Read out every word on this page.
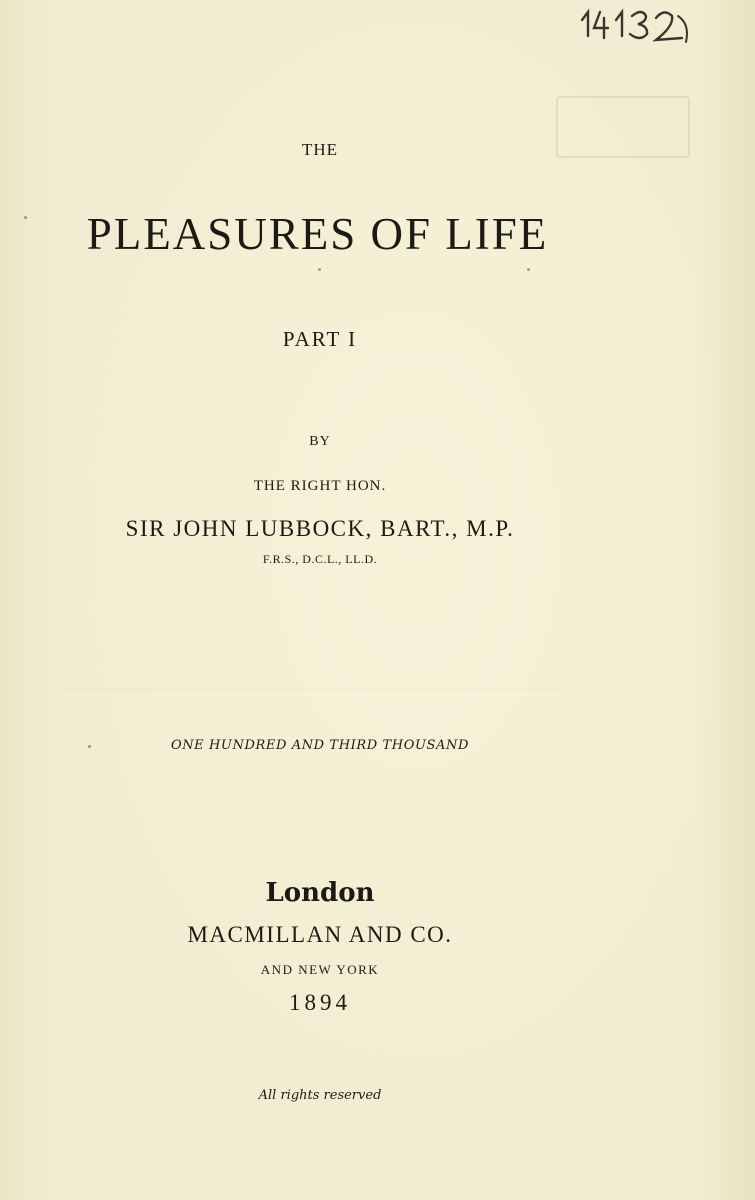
THE
PLEASURES OF LIFE
PART I
BY
THE RIGHT HON.
SIR JOHN LUBBOCK, BART., M.P.
F.R.S., D.C.L., LL.D.
ONE HUNDRED AND THIRD THOUSAND
London
MACMILLAN AND CO.
AND NEW YORK
1894
All rights reserved
